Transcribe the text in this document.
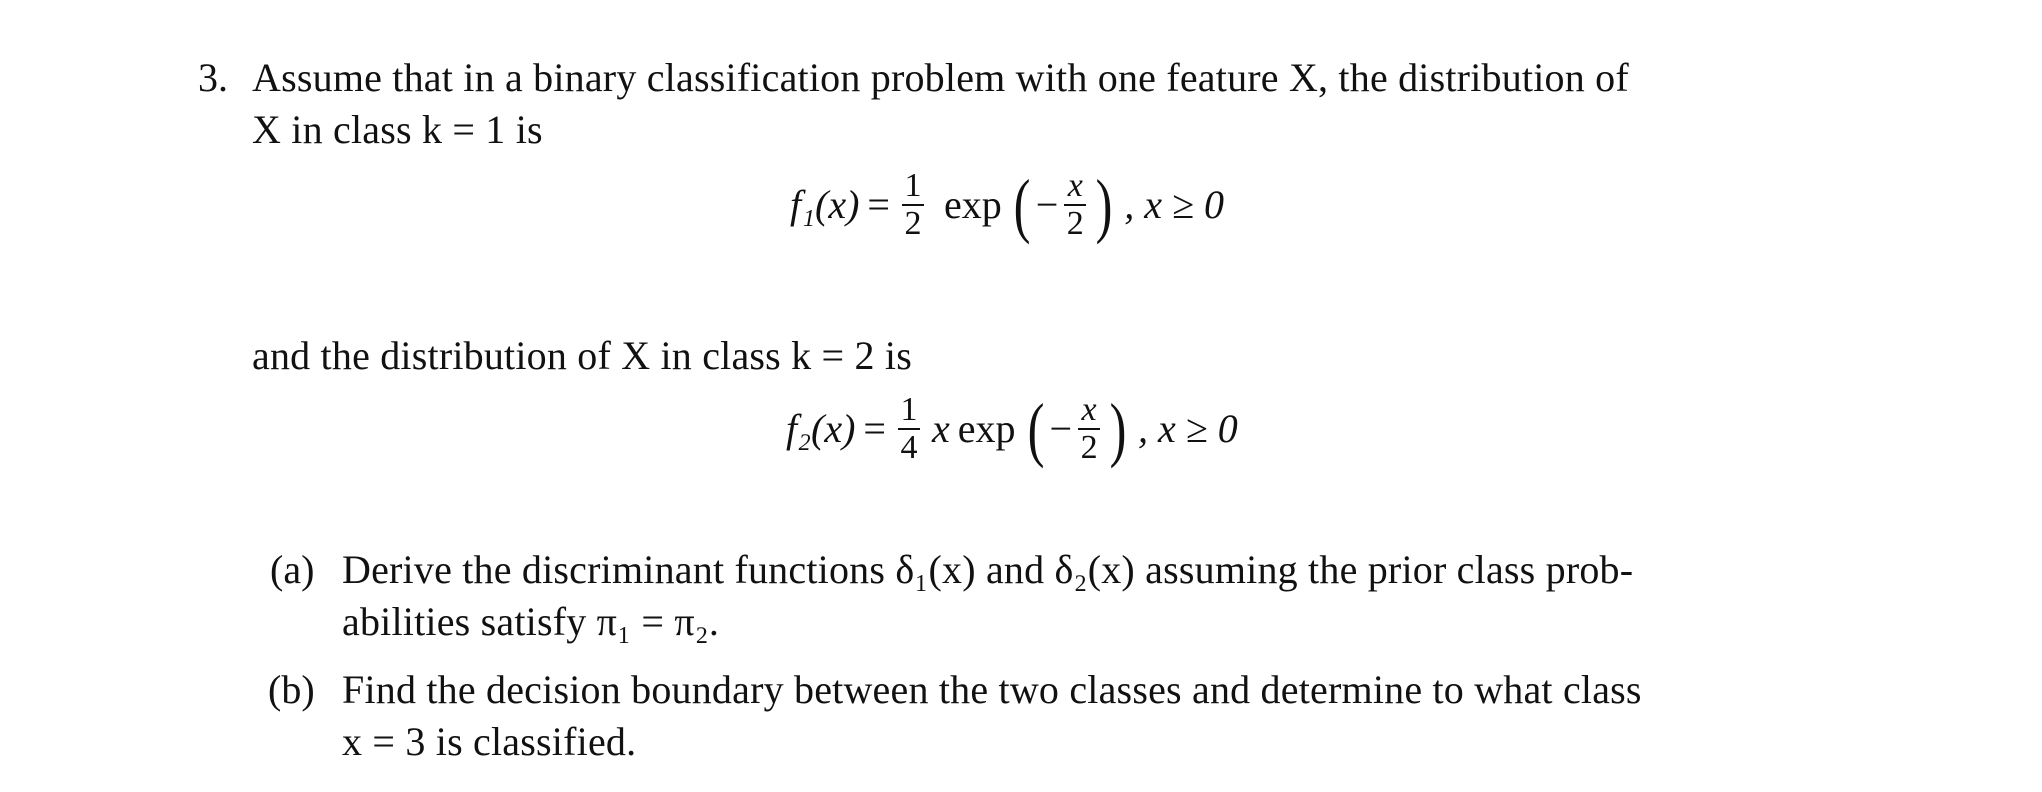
3. Assume that in a binary classification problem with one feature X, the distribution of
X in class k = 1 is
$f_1(x) = \frac{1}{2}$ exp ( − $\frac{x}{2}$ ) , x ≥ 0
and the distribution of X in class k = 2 is
$f_2(x) = \frac{1}{4}$ x exp ( − $\frac{x}{2}$ ) , x ≥ 0
(a) Derive the discriminant functions δ₁(x) and δ₂(x) assuming the prior class prob-
abilities satisfy π₁ = π₂.
(b) Find the decision boundary between the two classes and determine to what class
x = 3 is classified.
